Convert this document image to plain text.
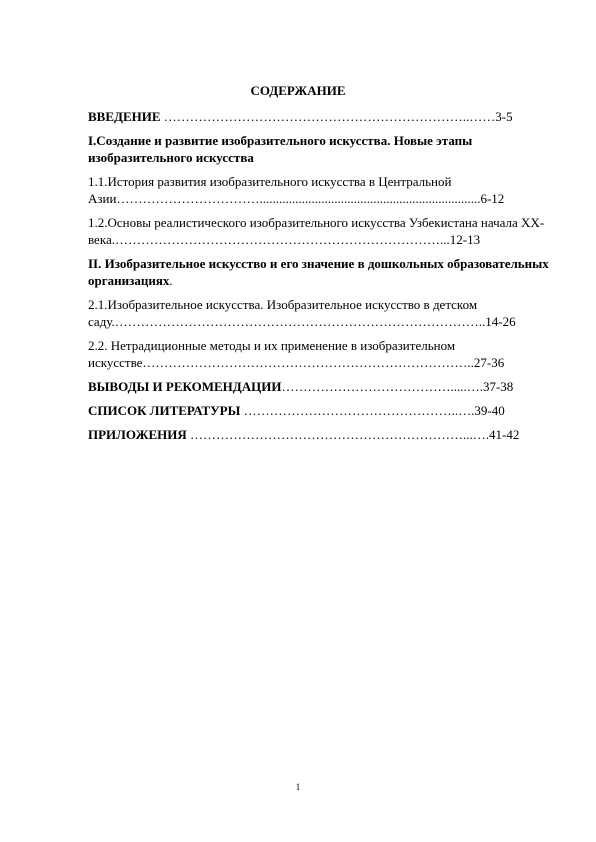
СОДЕРЖАНИЕ
ВВЕДЕНИЕ ……………………………………………………………..……3-5
I.Создание и развитие изобразительного искусства. Новые этапы изобразительного искусства
1.1.История развития изобразительного искусства в Центральной Азии……………………………....................................................................6-12
1.2.Основы реалистического изобразительного искусства Узбекистана начала XX- века.…………………………………………………………………...12-13
II. Изобразительное искусство и его значение в дошкольных образовательных организациях.
2.1.Изобразительное искусства. Изобразительное искусство в детском саду.…………………………………………………………………………..14-26
2.2. Нетрадиционные методы и их применение в изобразительном искусстве…………………………………………………………………..27-36
ВЫВОДЫ И РЕКОМЕНДАЦИИ………………………………….....….37-38
СПИСОК ЛИТЕРАТУРЫ …………………………………………..….39-40
ПРИЛОЖЕНИЯ ………………………………………………………...….41-42
1
